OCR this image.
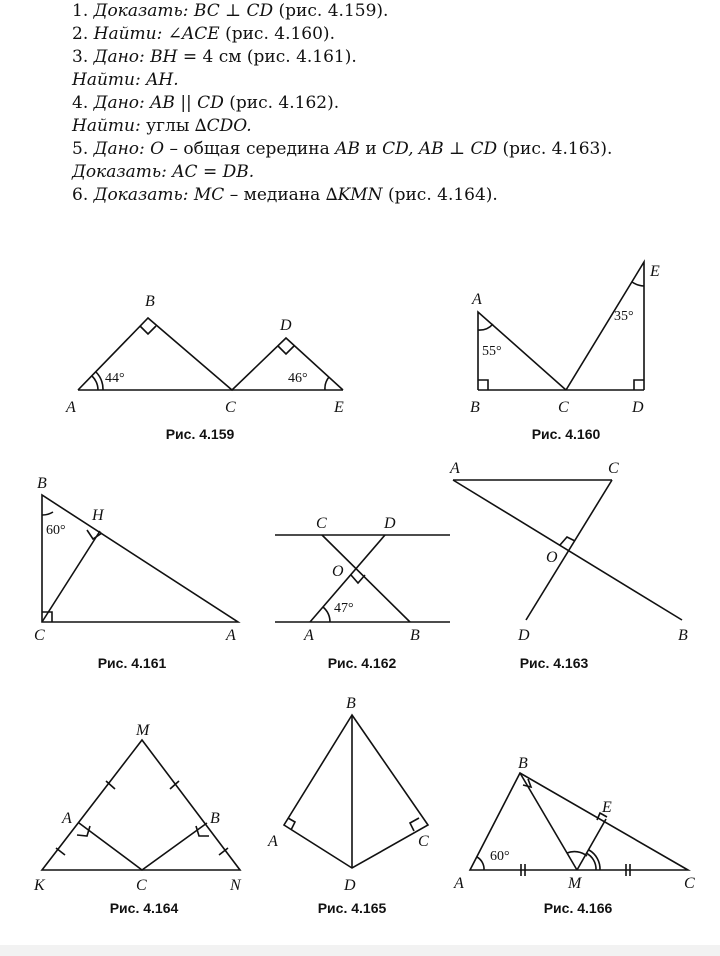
1. Доказать: BC ⊥ CD (рис. 4.159).
2. Найти: ∠ACE (рис. 4.160).
3. Дано: BH = 4 см (рис. 4.161).
Найти: AH.
4. Дано: AB || CD (рис. 4.162).
Найти: углы ∆CDO.
5. Дано: O – общая середина AB и CD, AB ⊥ CD (рис. 4.163).
Доказать: AC = DB.
6. Доказать: MC – медиана ∆KMN (рис. 4.164).
B
A	C
D
E
44°	46°
Рис. 4.159
A
B	C	D
E
55°
35°
Рис. 4.160
B
H
C	A
60°
Рис. 4.161
C	D
O
A	B
47°
Рис. 4.162
A	C
O
D	B
Рис. 4.163
M
A	B
K	C	N
Рис. 4.164
B
A	C
D
Рис. 4.165
B
E
A	M	C
60°
Рис. 4.166
